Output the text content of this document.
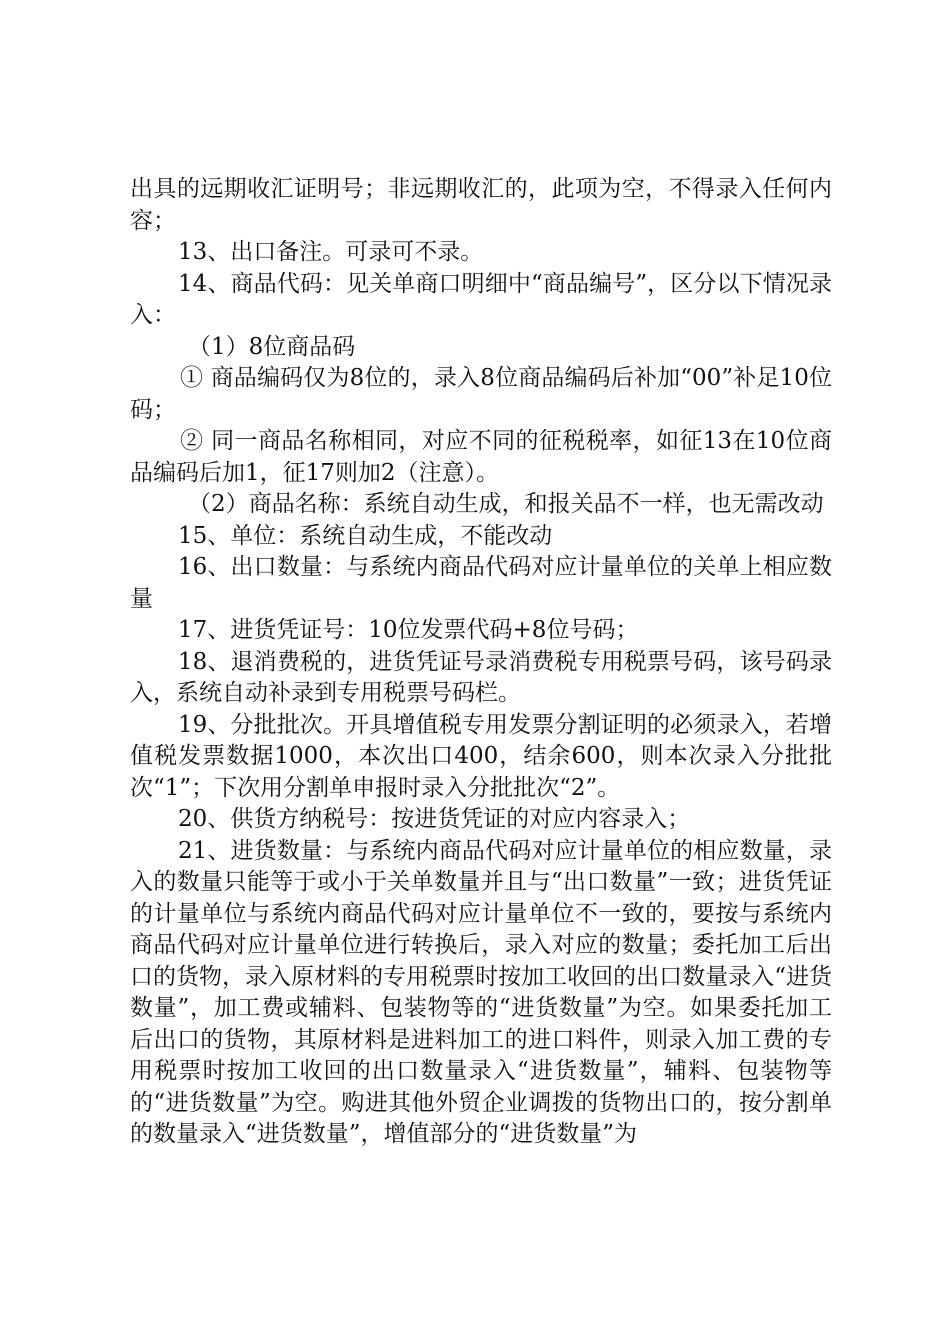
出具的远期收汇证明号；非远期收汇的，此项为空，不得录入任何内容；

13、出口备注。可录可不录。

14、商品代码：见关单商口明细中“商品编号”，区分以下情况录入：

（1）8位商品码

① 商品编码仅为8位的，录入8位商品编码后补加“00”补足10位码；

② 同一商品名称相同，对应不同的征税税率，如征13在10位商品编码后加1，征17则加2（注意）。

（2）商品名称：系统自动生成，和报关品不一样，也无需改动

15、单位：系统自动生成，不能改动

16、出口数量：与系统内商品代码对应计量单位的关单上相应数量

17、进货凭证号：10位发票代码+8位号码；

18、退消费税的，进货凭证号录消费税专用税票号码，该号码录入，系统自动补录到专用税票号码栏。

19、分批批次。开具增值税专用发票分割证明的必须录入，若增值税发票数据1000，本次出口400，结余600，则本次录入分批批次“1”；下次用分割单申报时录入分批批次“2”。

20、供货方纳税号：按进货凭证的对应内容录入；

21、进货数量：与系统内商品代码对应计量单位的相应数量，录入的数量只能等于或小于关单数量并且与“出口数量”一致；进货凭证的计量单位与系统内商品代码对应计量单位不一致的，要按与系统内商品代码对应计量单位进行转换后，录入对应的数量；委托加工后出口的货物，录入原材料的专用税票时按加工收回的出口数量录入“进货数量”，加工费或辅料、包装物等的“进货数量”为空。如果委托加工后出口的货物，其原材料是进料加工的进口料件，则录入加工费的专用税票时按加工收回的出口数量录入“进货数量”，辅料、包装物等的“进货数量”为空。购进其他外贸企业调拨的货物出口的，按分割单的数量录入“进货数量”，增值部分的“进货数量”为
